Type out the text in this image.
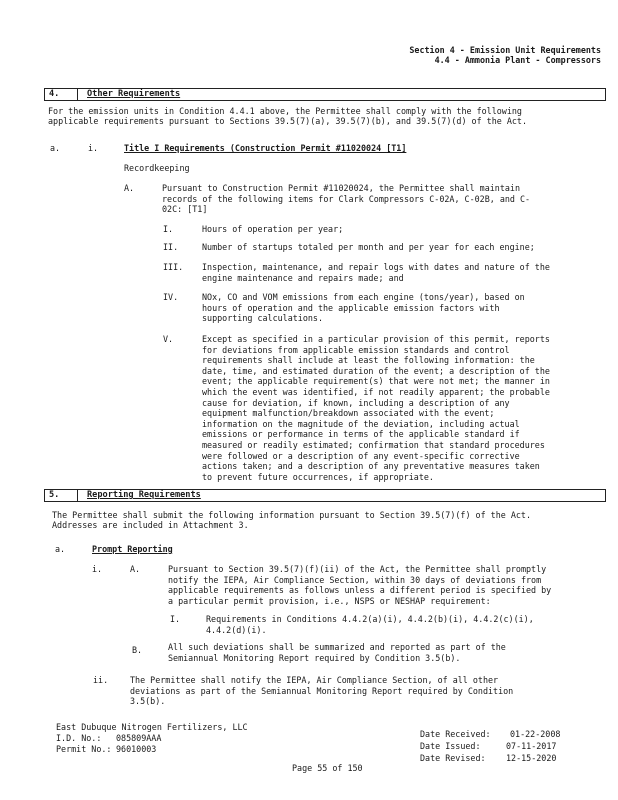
Section 4 - Emission Unit Requirements
4.4 - Ammonia Plant - Compressors
4.	Other Requirements
For the emission units in Condition 4.4.1 above, the Permittee shall comply with the following
applicable requirements pursuant to Sections 39.5(7)(a), 39.5(7)(b), and 39.5(7)(d) of the Act.
a.	i.	Title I Requirements (Construction Permit #11020024 [T1]
Recordkeeping
A.	Pursuant to Construction Permit #11020024, the Permittee shall maintain
records of the following items for Clark Compressors C-02A, C-02B, and C-
02C: [T1]
I.	Hours of operation per year;
II.	Number of startups totaled per month and per year for each engine;
III. Inspection, maintenance, and repair logs with dates and nature of the
engine maintenance and repairs made; and
IV.	NOx, CO and VOM emissions from each engine (tons/year), based on
hours of operation and the applicable emission factors with
supporting calculations.
V.	Except as specified in a particular provision of this permit, reports
for deviations from applicable emission standards and control
requirements shall include at least the following information: the
date, time, and estimated duration of the event; a description of the
event; the applicable requirement(s) that were not met; the manner in
which the event was identified, if not readily apparent; the probable
cause for deviation, if known, including a description of any
equipment malfunction/breakdown associated with the event;
information on the magnitude of the deviation, including actual
emissions or performance in terms of the applicable standard if
measured or readily estimated; confirmation that standard procedures
were followed or a description of any event-specific corrective
actions taken; and a description of any preventative measures taken
to prevent future occurrences, if appropriate.
5.	Reporting Requirements
The Permittee shall submit the following information pursuant to Section 39.5(7)(f) of the Act.
Addresses are included in Attachment 3.
a.	Prompt Reporting
i.	A.	Pursuant to Section 39.5(7)(f)(ii) of the Act, the Permittee shall promptly
notify the IEPA, Air Compliance Section, within 30 days of deviations from
applicable requirements as follows unless a different period is specified by
a particular permit provision, i.e., NSPS or NESHAP requirement:
I.	Requirements in Conditions 4.4.2(a)(i), 4.4.2(b)(i), 4.4.2(c)(i),
4.4.2(d)(i).
B.	All such deviations shall be summarized and reported as part of the
Semiannual Monitoring Report required by Condition 3.5(b).
ii.	The Permittee shall notify the IEPA, Air Compliance Section, of all other
deviations as part of the Semiannual Monitoring Report required by Condition
3.5(b).
East Dubuque Nitrogen Fertilizers, LLC
I.D. No.: 085809AAA
Permit No.: 96010003
Date Received: 01-22-2008
Date Issued:	07-11-2017
Date Revised: 12-15-2020
Page 55 of 150
